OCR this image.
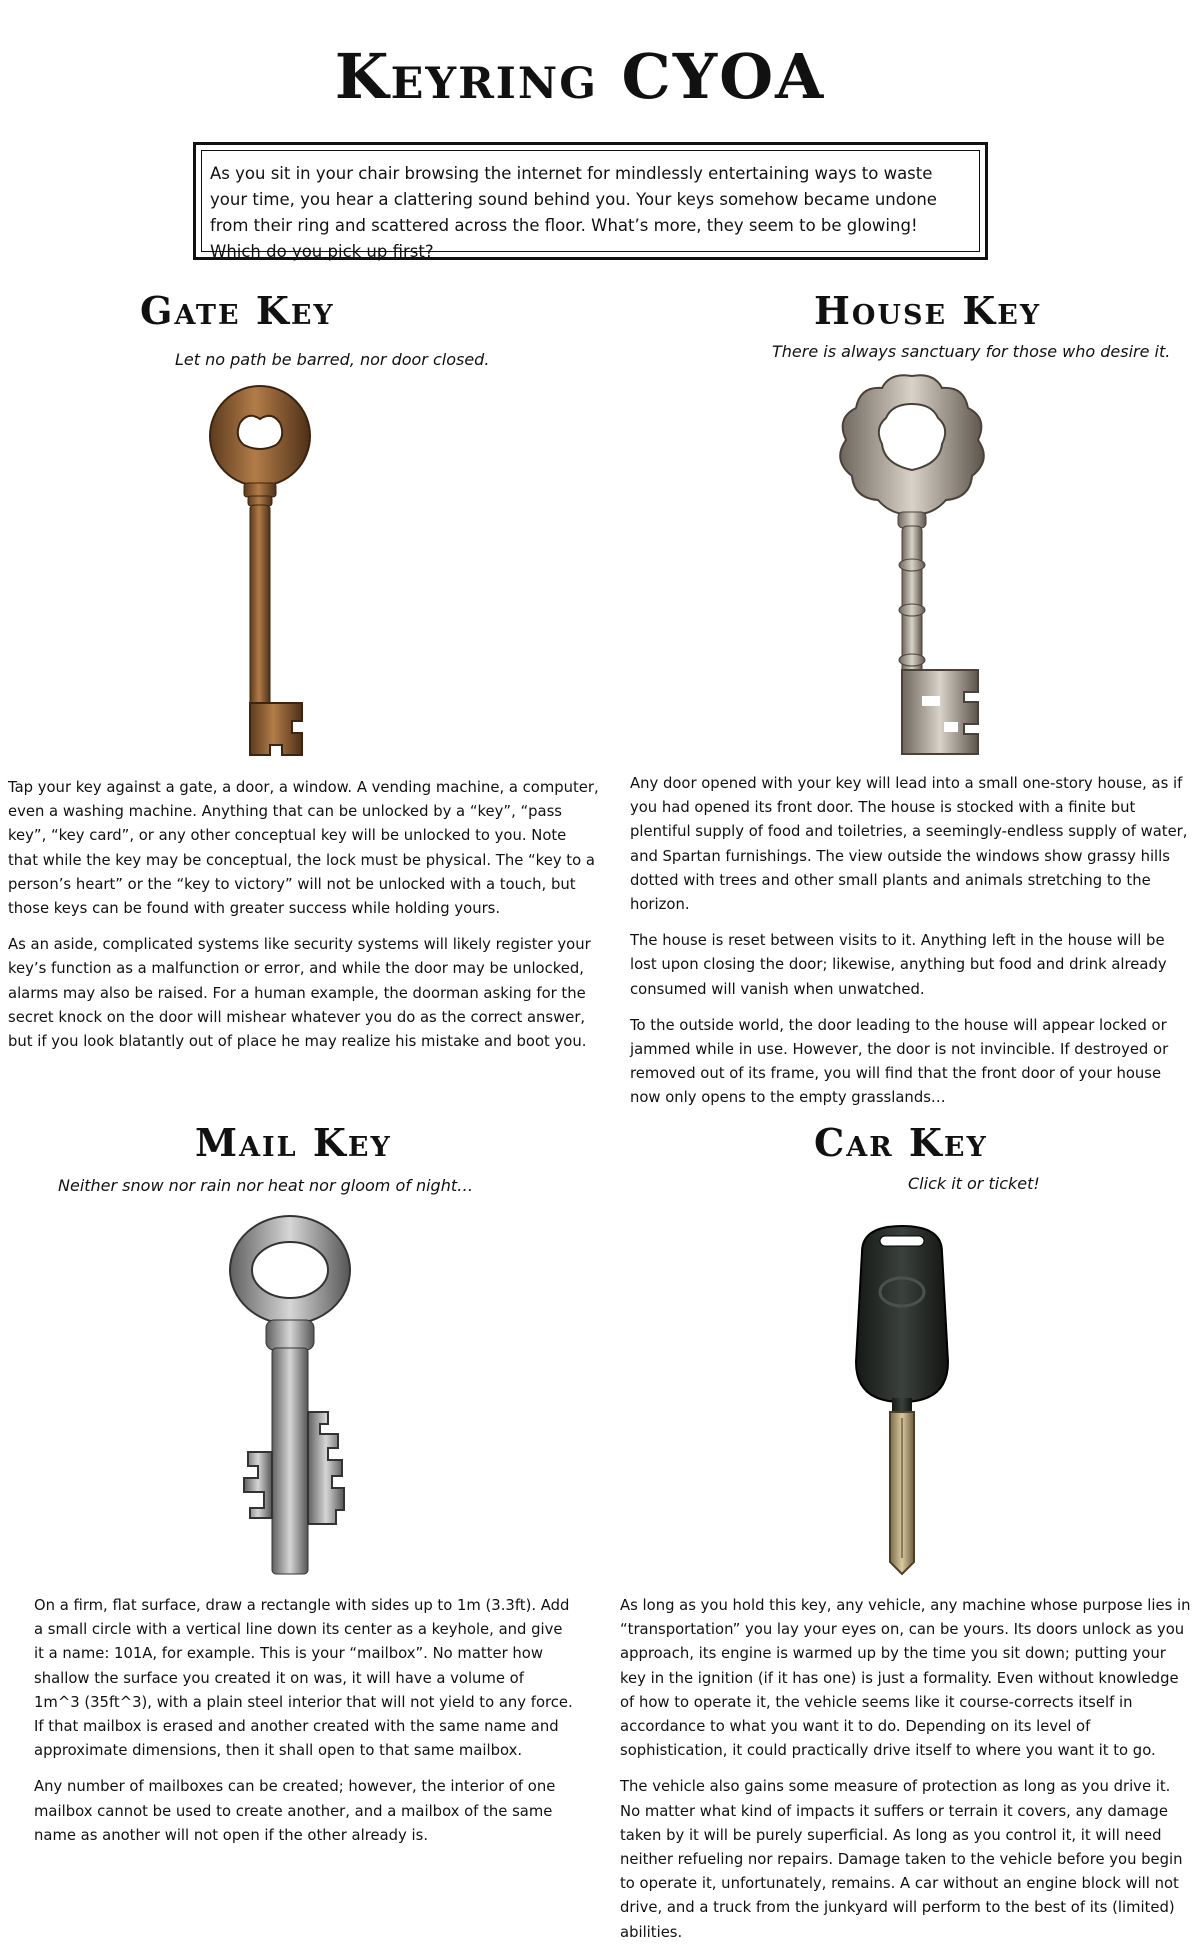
Keyring CYOA
As you sit in your chair browsing the internet for mindlessly entertaining ways to waste your time, you hear a clattering sound behind you. Your keys somehow became undone from their ring and scattered across the floor. What’s more, they seem to be glowing! Which do you pick up first?
Gate Key

Let no path be barred, nor door closed.

Tap your key against a gate, a door, a window. A vending machine, a computer, even a washing machine. Anything that can be unlocked by a “key”, “pass key”, “key card”, or any other conceptual key will be unlocked to you. Note that while the key may be conceptual, the lock must be physical. The “key to a person’s heart” or the “key to victory” will not be unlocked with a touch, but those keys can be found with greater success while holding yours.

As an aside, complicated systems like security systems will likely register your key’s function as a malfunction or error, and while the door may be unlocked, alarms may also be raised. For a human example, the doorman asking for the secret knock on the door will mishear whatever you do as the correct answer, but if you look blatantly out of place he may realize his mistake and boot you.

House Key

There is always sanctuary for those who desire it.

Any door opened with your key will lead into a small one-story house, as if you had opened its front door. The house is stocked with a finite but plentiful supply of food and toiletries, a seemingly-endless supply of water, and Spartan furnishings. The view outside the windows show grassy hills dotted with trees and other small plants and animals stretching to the horizon.

The house is reset between visits to it. Anything left in the house will be lost upon closing the door; likewise, anything but food and drink already consumed will vanish when unwatched.

To the outside world, the door leading to the house will appear locked or jammed while in use. However, the door is not invincible. If destroyed or removed out of its frame, you will find that the front door of your house now only opens to the empty grasslands…

Mail Key

Neither snow nor rain nor heat nor gloom of night…

On a firm, flat surface, draw a rectangle with sides up to 1m (3.3ft). Add a small circle with a vertical line down its center as a keyhole, and give it a name: 101A, for example. This is your “mailbox”. No matter how shallow the surface you created it on was, it will have a volume of 1m^3 (35ft^3), with a plain steel interior that will not yield to any force. If that mailbox is erased and another created with the same name and approximate dimensions, then it shall open to that same mailbox.

Any number of mailboxes can be created; however, the interior of one mailbox cannot be used to create another, and a mailbox of the same name as another will not open if the other already is.

Car Key

Click it or ticket!

As long as you hold this key, any vehicle, any machine whose purpose lies in “transportation” you lay your eyes on, can be yours. Its doors unlock as you approach, its engine is warmed up by the time you sit down; putting your key in the ignition (if it has one) is just a formality. Even without knowledge of how to operate it, the vehicle seems like it course-corrects itself in accordance to what you want it to do. Depending on its level of sophistication, it could practically drive itself to where you want it to go.

The vehicle also gains some measure of protection as long as you drive it. No matter what kind of impacts it suffers or terrain it covers, any damage taken by it will be purely superficial. As long as you control it, it will need neither refueling nor repairs. Damage taken to the vehicle before you begin to operate it, unfortunately, remains. A car without an engine block will not drive, and a truck from the junkyard will perform to the best of its (limited) abilities.
